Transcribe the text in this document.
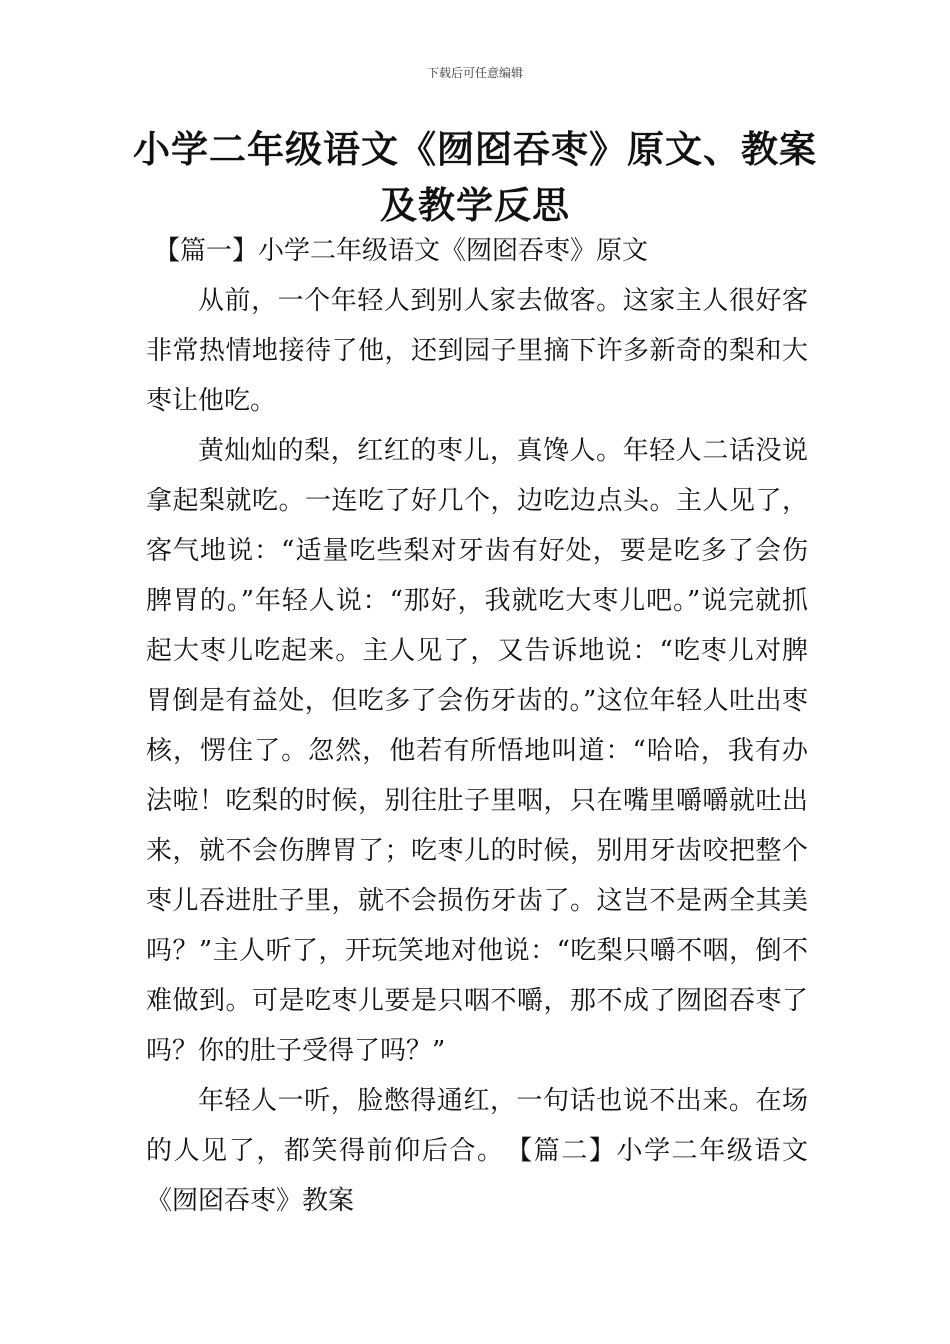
下载后可任意编辑
小学二年级语文《囫囵吞枣》原文、教案
及教学反思

【篇一】小学二年级语文《囫囵吞枣》原文

从前，一个年轻人到别人家去做客。这家主人很好客非常热情地接待了他，还到园子里摘下许多新奇的梨和大枣让他吃。

黄灿灿的梨，红红的枣儿，真馋人。年轻人二话没说拿起梨就吃。一连吃了好几个，边吃边点头。主人见了，客气地说：“适量吃些梨对牙齿有好处，要是吃多了会伤脾胃的。”年轻人说：“那好，我就吃大枣儿吧。”说完就抓起大枣儿吃起来。主人见了，又告诉地说：“吃枣儿对脾胃倒是有益处，但吃多了会伤牙齿的。”这位年轻人吐出枣核，愣住了。忽然，他若有所悟地叫道：“哈哈，我有办法啦！吃梨的时候，别往肚子里咽，只在嘴里嚼嚼就吐出来，就不会伤脾胃了；吃枣儿的时候，别用牙齿咬把整个枣儿吞进肚子里，就不会损伤牙齿了。这岂不是两全其美吗？”主人听了，开玩笑地对他说：“吃梨只嚼不咽，倒不难做到。可是吃枣儿要是只咽不嚼，那不成了囫囵吞枣了吗？你的肚子受得了吗？”

年轻人一听，脸憋得通红，一句话也说不出来。在场的人见了，都笑得前仰后合。　 【篇二】小学二年级语文《囫囵吞枣》教案
